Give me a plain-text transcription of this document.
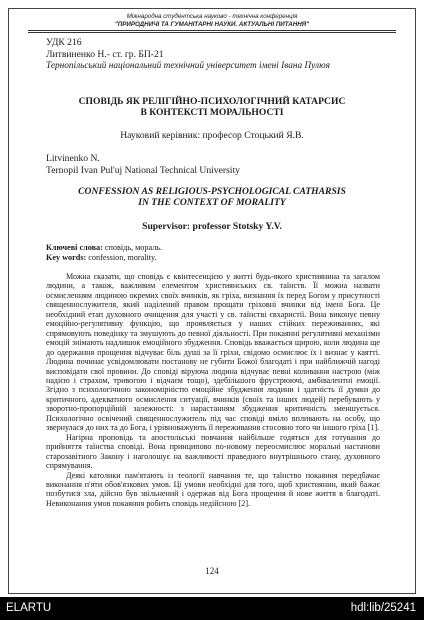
Міжнародна студентська науково - технічна конференція
"ПРИРОДНИЧІ ТА ГУМАНІТАРНІ НАУКИ. АКТУАЛЬНІ ПИТАННЯ"
УДК 216
Литвиненко Н.- ст. гр. БП-21
Тернопільський національний технічний університет імені Івана Пулюя
СПОВІДЬ ЯК РЕЛІГІЙНО-ПСИХОЛОГІЧНИЙ КАТАРСИС
В КОНТЕКСТІ МОРАЛЬНОСТІ
Науковий керівник: професор Стоцький Я.В.
Litvinenko N.
Ternopil Ivan Pul'uj National Technical University
CONFESSION AS RELIGIOUS-PSYCHOLOGICAL CATHARSIS
IN THE CONTEXT OF MORALITY
Supervisor: professor Stotsky Y.V.
Ключеві слова: сповідь, мораль.
Key words: confession, morality.

Можна сказати, що сповідь є квінтесенцією у житті будь-якого християнина та загалом людини, а також, важливим елементом християнських св. таїнств. Її можна назвати осмисленням людиною окремих своїх вчинків, як гріха, визнання їх перед Богом у присутності священнослужителя, який наділений правом прощати гріховні вчинки від імені Бога. Це необхідний етап духовного очищення для участі у св. таїнстві євхаристії. Вона виконує певну емоційно-регулятивну функцію, що проявляється у наших стійких переживаннях, які спрямовують поведінку та змушують до певної діяльності. При покаянні регулятивні механізми емоцій знімають надлишок емоційного збудження. Сповідь вважається щирою, коли людина ще до одержання прощення відчуває біль душі за її гріхи, свідомо осмислює їх і визнає у каятті. Людина починає усвідомлювати постанову не губити Божої благодаті і при найближчій нагоді висповідати свої провини. До сповіді віруюча людина відчуває певні коливання настрою (між надією і страхом, тривогою і відчаєм тощо), здебільшого фрустрюючі, амбівалентні емоції. Згідно з психологічною закономірністю емоційне збудження людини і здатність її думки до критичного, адекватного осмислення ситуації, вчинків (своїх та інших людей) перебувають у зворотно-пропорційній залежності: з нарастанням збудження критичність зменшується. Психологічно освічений священнослужитель під час сповіді вміло впливають на особу, що звернулася до них та до Бога, і урівноважують її переживання стосовно того чи іншого гріха [1].

Нагірна проповідь та апостольські повчання найбільше годяться для готування до прийняття таїнства сповіді. Вона принципово по-новому переосмислює моральні настанови старозавітного Закону і наголошує на важливості праведного внутрішнього стану, духовного спрямування.

Деякі католики пам'ятають із теології навчання те, що таїнство покаяння передбачає виконання п'яти обов'язкових умов. Ці умови необхідні для того, щоб християнин, який бажає позбутися зла, дійсно був звільнений і одержав від Бога прощення й нове життя в благодаті. Невиконання умов покаяння робить сповідь недійсною [2].

124
ELARTU	hdl:lib/25241
